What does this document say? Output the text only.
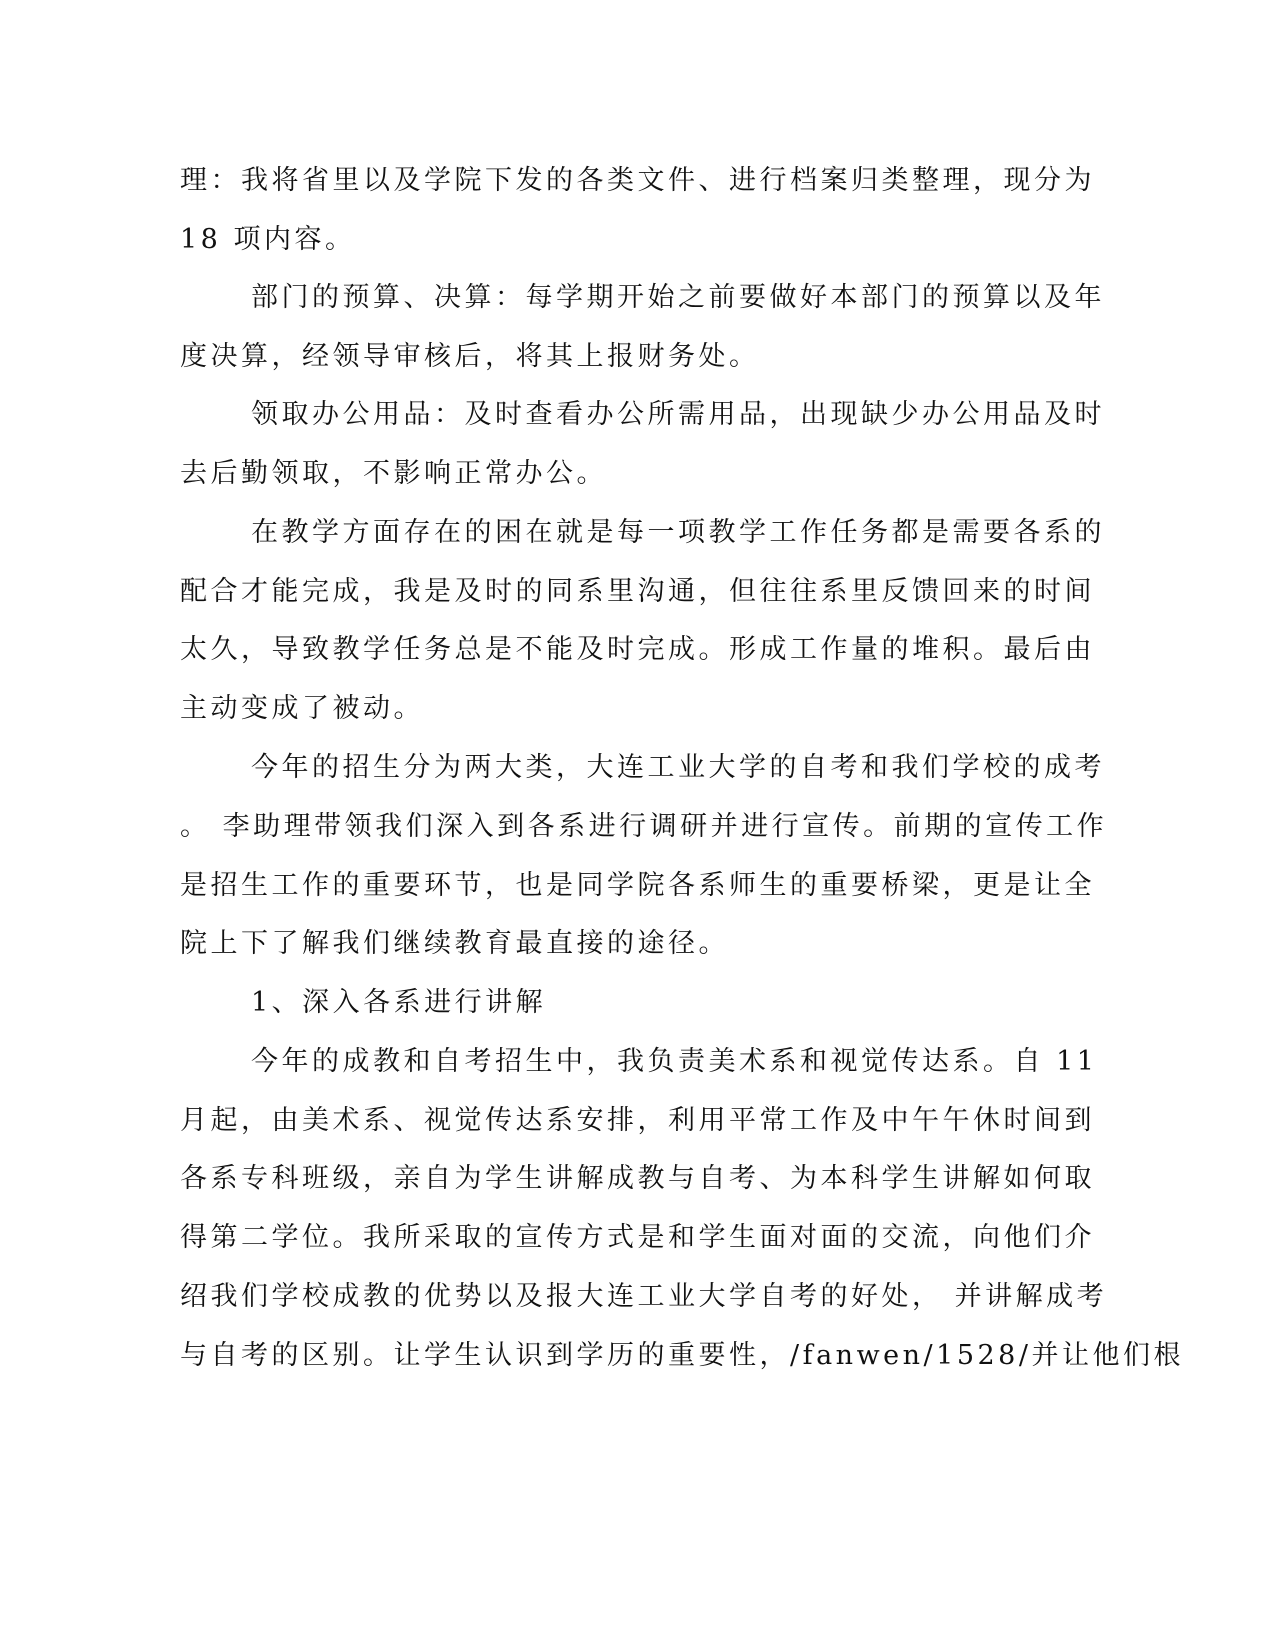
理：我将省里以及学院下发的各类文件、进行档案归类整理，现分为
18 项内容。
部门的预算、决算：每学期开始之前要做好本部门的预算以及年
度决算，经领导审核后，将其上报财务处。
领取办公用品：及时查看办公所需用品，出现缺少办公用品及时
去后勤领取，不影响正常办公。
在教学方面存在的困在就是每一项教学工作任务都是需要各系的
配合才能完成，我是及时的同系里沟通，但往往系里反馈回来的时间
太久，导致教学任务总是不能及时完成。形成工作量的堆积。最后由
主动变成了被动。
今年的招生分为两大类，大连工业大学的自考和我们学校的成考
。 李助理带领我们深入到各系进行调研并进行宣传。前期的宣传工作
是招生工作的重要环节，也是同学院各系师生的重要桥梁，更是让全
院上下了解我们继续教育最直接的途径。
1、深入各系进行讲解
今年的成教和自考招生中，我负责美术系和视觉传达系。自 11
月起，由美术系、视觉传达系安排，利用平常工作及中午午休时间到
各系专科班级，亲自为学生讲解成教与自考、为本科学生讲解如何取
得第二学位。我所采取的宣传方式是和学生面对面的交流，向他们介
绍我们学校成教的优势以及报大连工业大学自考的好处， 并讲解成考
与自考的区别。让学生认识到学历的重要性，/fanwen/1528/并让他们根
